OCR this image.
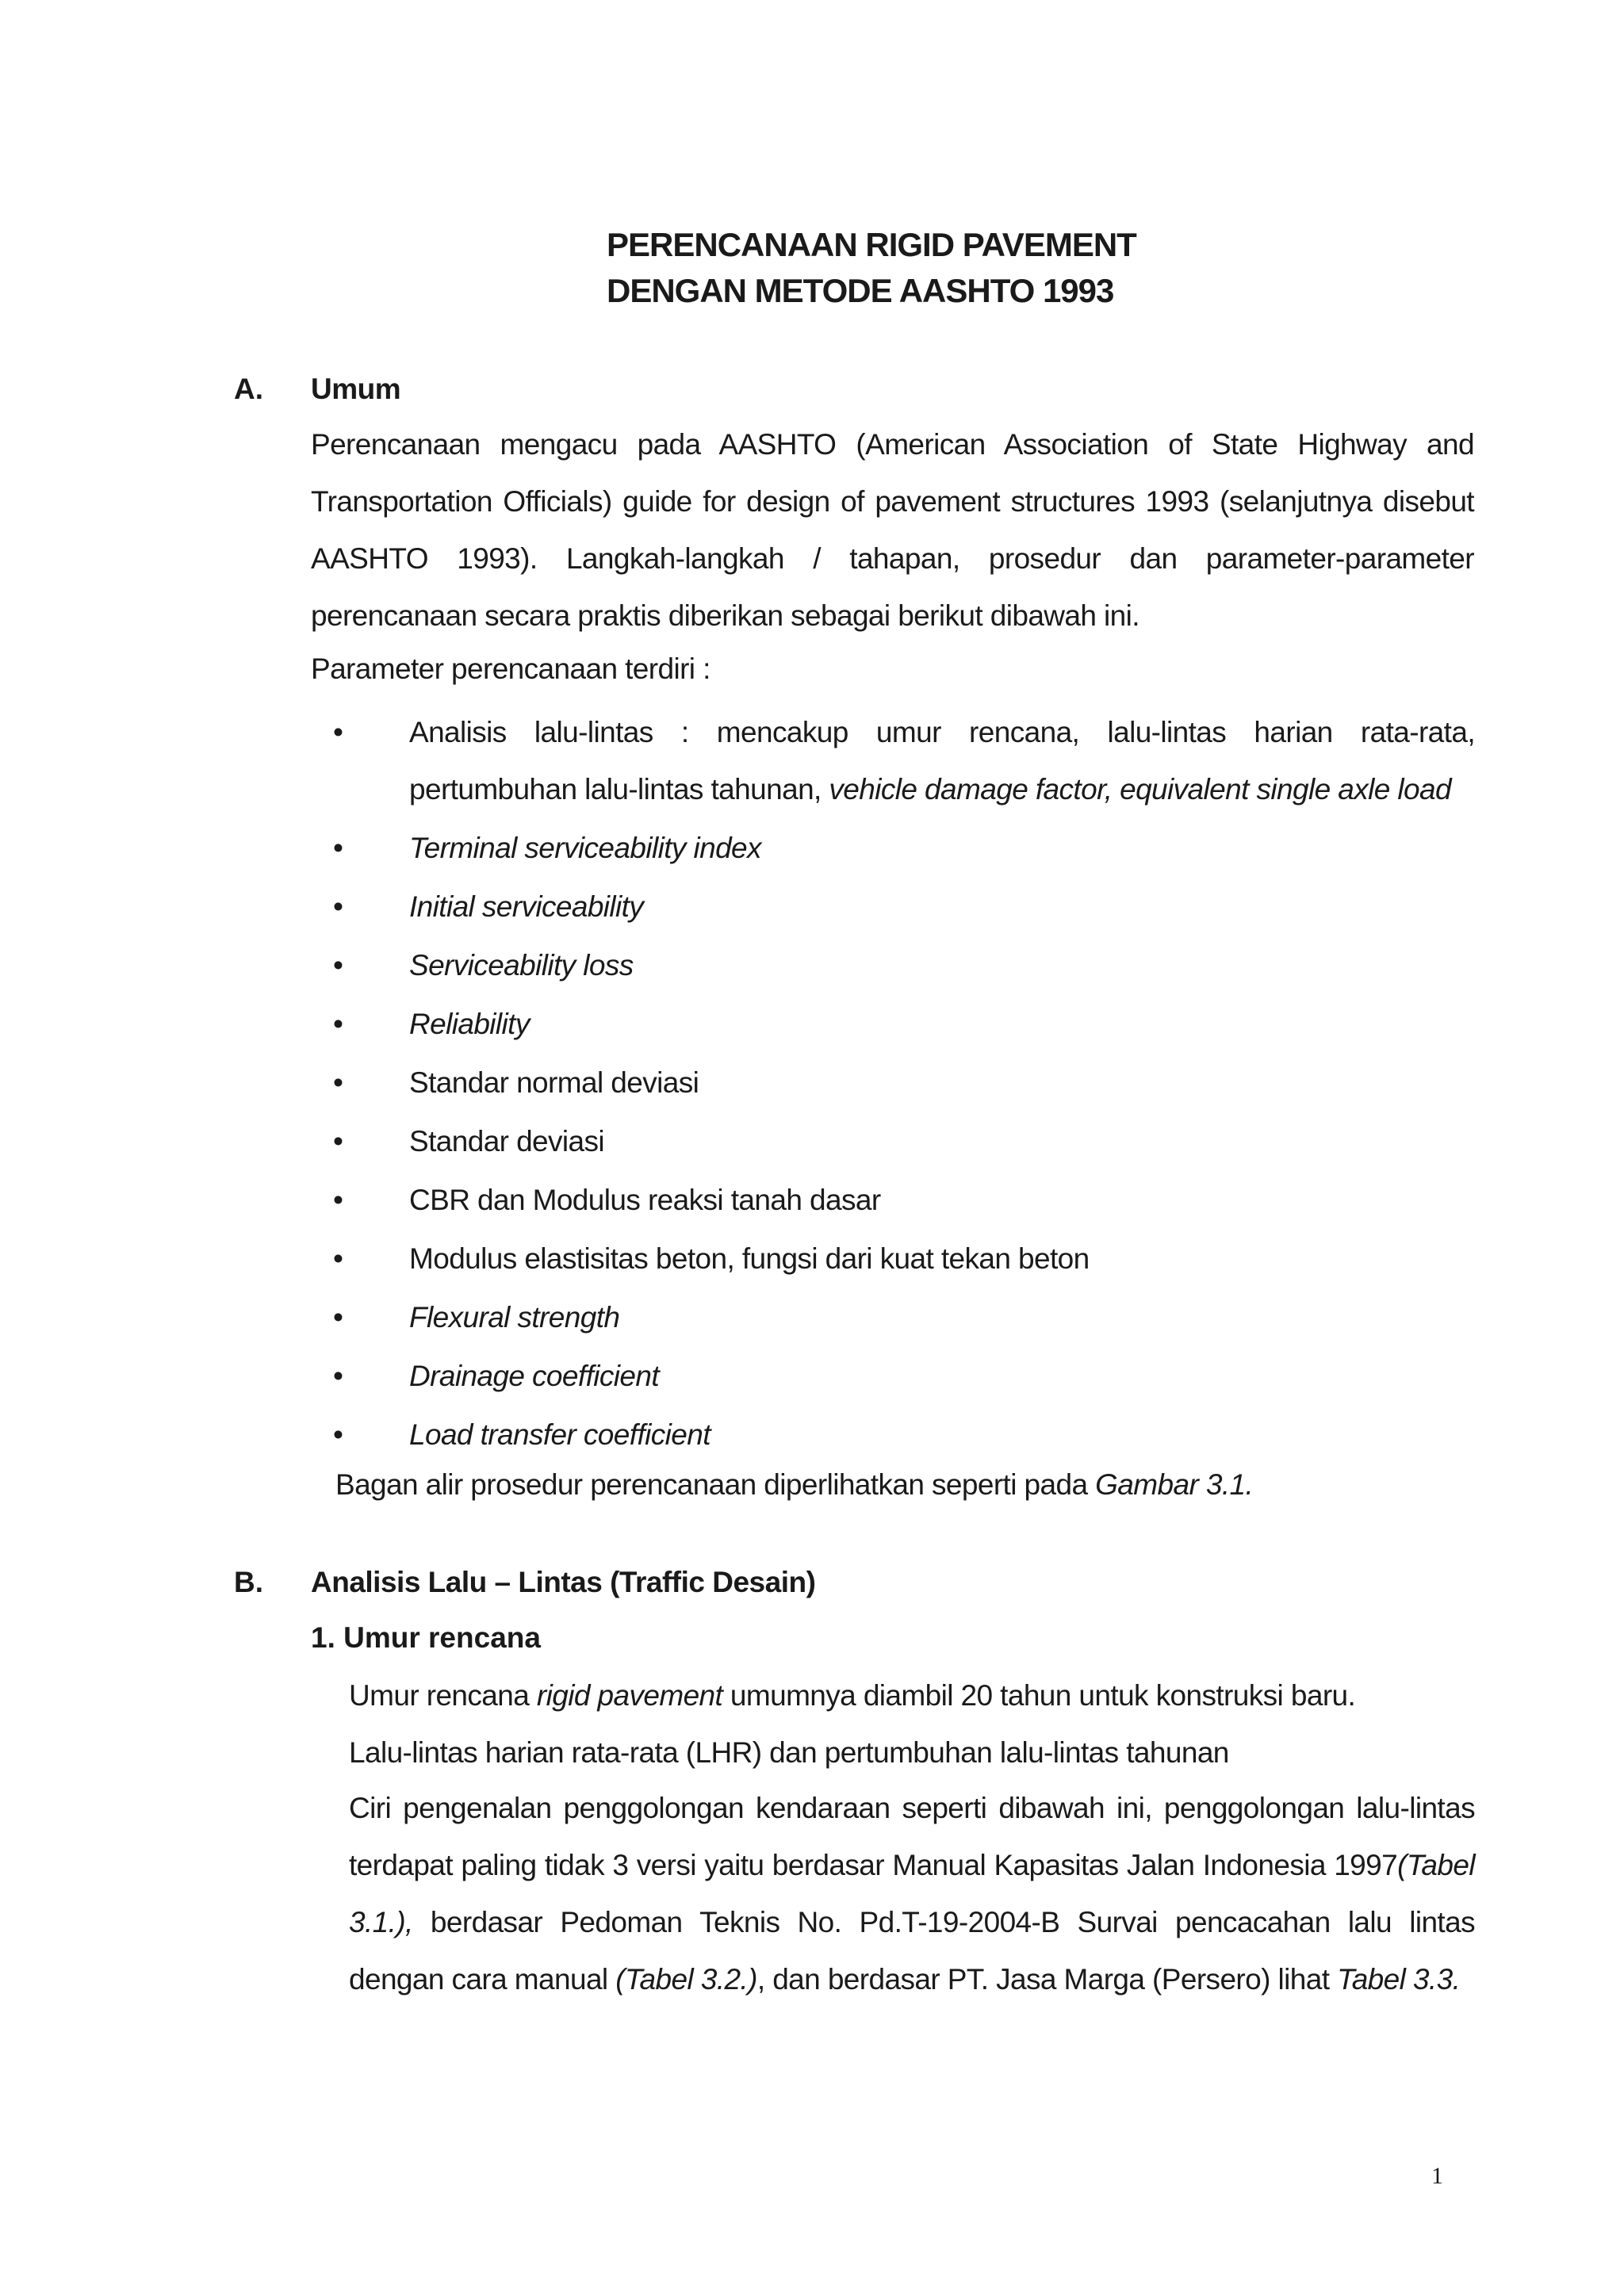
PERENCANAAN RIGID PAVEMENT
DENGAN METODE AASHTO 1993
A. Umum
Perencanaan mengacu pada AASHTO (American Association of State Highway and Transportation Officials) guide for design of pavement structures 1993 (selanjutnya disebut AASHTO 1993). Langkah-langkah / tahapan, prosedur dan parameter-parameter perencanaan secara praktis diberikan sebagai berikut dibawah ini.
Parameter perencanaan terdiri :
• Analisis lalu-lintas : mencakup umur rencana, lalu-lintas harian rata-rata, pertumbuhan lalu-lintas tahunan, vehicle damage factor, equivalent single axle load
• Terminal serviceability index
• Initial serviceability
• Serviceability loss
• Reliability
• Standar normal deviasi
• Standar deviasi
• CBR dan Modulus reaksi tanah dasar
• Modulus elastisitas beton, fungsi dari kuat tekan beton
• Flexural strength
• Drainage coefficient
• Load transfer coefficient
Bagan alir prosedur perencanaan diperlihatkan seperti pada Gambar 3.1.
B. Analisis Lalu – Lintas (Traffic Desain)
1. Umur rencana
Umur rencana rigid pavement umumnya diambil 20 tahun untuk konstruksi baru.
Lalu-lintas harian rata-rata (LHR) dan pertumbuhan lalu-lintas tahunan
Ciri pengenalan penggolongan kendaraan seperti dibawah ini, penggolongan lalu-lintas terdapat paling tidak 3 versi yaitu berdasar Manual Kapasitas Jalan Indonesia 1997(Tabel 3.1.), berdasar Pedoman Teknis No. Pd.T-19-2004-B Survai pencacahan lalu lintas dengan cara manual (Tabel 3.2.), dan berdasar PT. Jasa Marga (Persero) lihat Tabel 3.3.
1
